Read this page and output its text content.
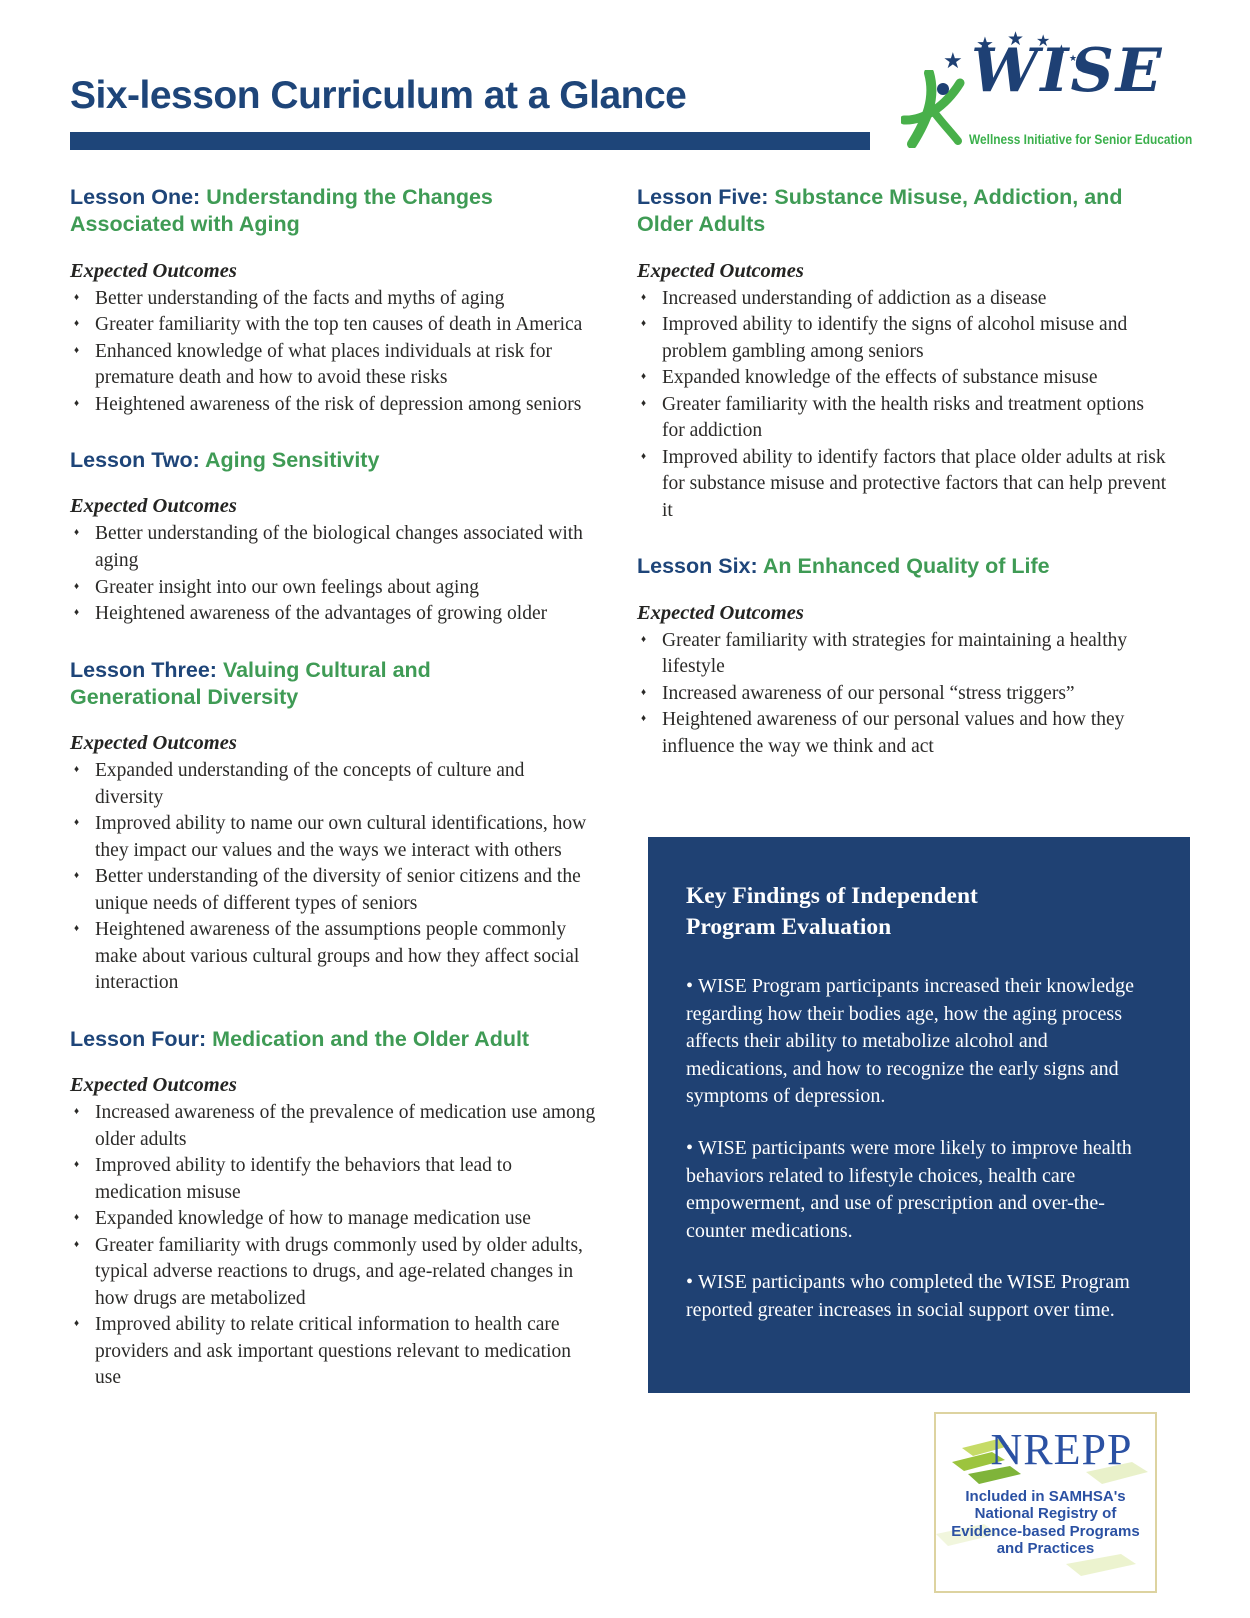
Six-lesson Curriculum at a Glance ★ ★ ★ ★ ★ ★ ★	WISE
Wellness Initiative for Senior Education
Lesson One: Understanding the Changes Associated with Aging
Expected Outcomes
♦ Better understanding of the facts and myths of aging
♦ Greater familiarity with the top ten causes of death in America
♦ Enhanced knowledge of what places individuals at risk for premature death and how to avoid these risks
♦ Heightened awareness of the risk of depression among seniors
Lesson Two: Aging Sensitivity
Expected Outcomes
♦ Better understanding of the biological changes associated with aging
♦ Greater insight into our own feelings about aging
♦ Heightened awareness of the advantages of growing older
Lesson Three: Valuing Cultural and Generational Diversity
Expected Outcomes
♦ Expanded understanding of the concepts of culture and diversity
♦ Improved ability to name our own cultural identifications, how they impact our values and the ways we interact with others
♦ Better understanding of the diversity of senior citizens and the unique needs of different types of seniors
♦ Heightened awareness of the assumptions people commonly make about various cultural groups and how they affect social interaction
Lesson Four: Medication and the Older Adult
Expected Outcomes
♦ Increased awareness of the prevalence of medication use among older adults
♦ Improved ability to identify the behaviors that lead to medication misuse
♦ Expanded knowledge of how to manage medication use
♦ Greater familiarity with drugs commonly used by older adults, typical adverse reactions to drugs, and age-related changes in how drugs are metabolized
♦ Improved ability to relate critical information to health care providers and ask important questions relevant to medication use
Lesson Five: Substance Misuse, Addiction, and Older Adults
Expected Outcomes
♦ Increased understanding of addiction as a disease
♦ Improved ability to identify the signs of alcohol misuse and problem gambling among seniors
♦ Expanded knowledge of the effects of substance misuse
♦ Greater familiarity with the health risks and treatment options for addiction
♦ Improved ability to identify factors that place older adults at risk for substance misuse and protective factors that can help prevent it
Lesson Six: An Enhanced Quality of Life
Expected Outcomes
♦ Greater familiarity with strategies for maintaining a healthy lifestyle
♦ Increased awareness of our personal “stress triggers”
♦ Heightened awareness of our personal values and how they influence the way we think and act
Key Findings of Independent Program Evaluation

• WISE Program participants increased their knowledge regarding how their bodies age, how the aging process affects their ability to metabolize alcohol and medications, and how to recognize the early signs and symptoms of depression.

• WISE participants were more likely to improve health behaviors related to lifestyle choices, health care empowerment, and use of prescription and over-the-counter medications.

• WISE participants who completed the WISE Program reported greater increases in social support over time.

NREPP
Included in SAMHSA's National Registry of Evidence-based Programs and Practices
